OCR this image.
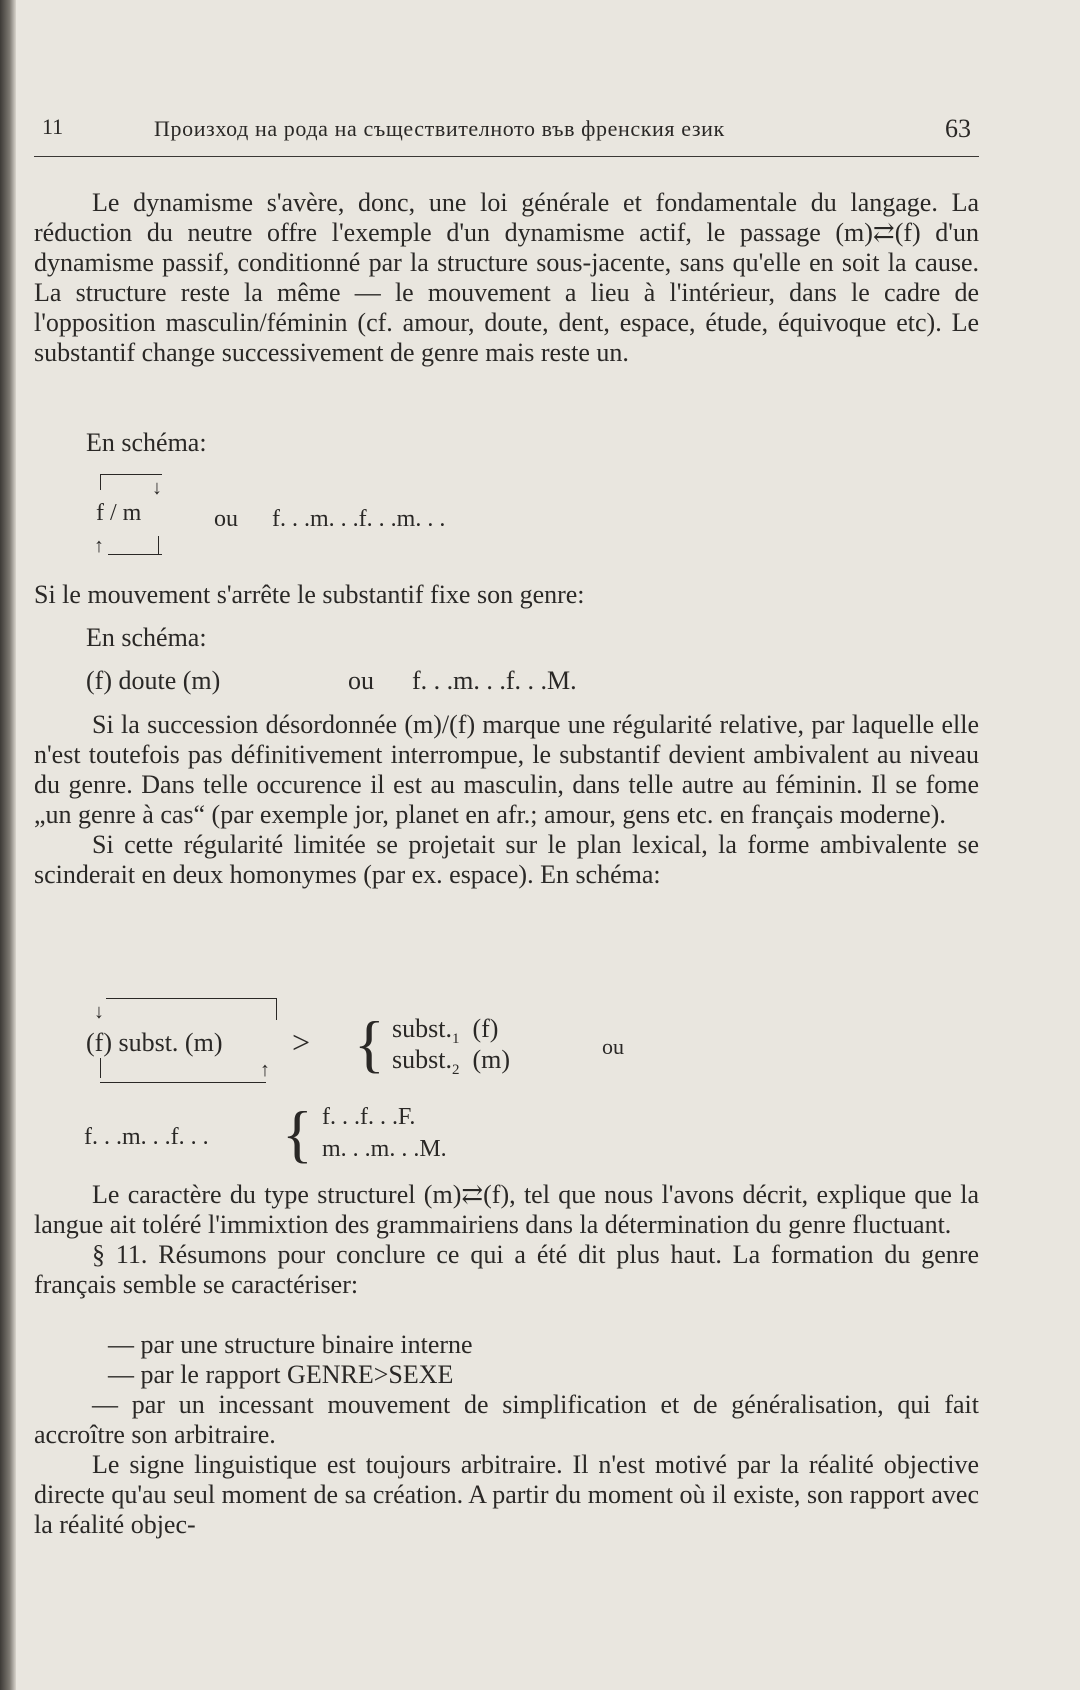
11	Произход на рода на съществителното във френския език	63

Le dynamisme s'avère, donc, une loi générale et fondamentale du langage. La réduction du neutre offre l'exemple d'un dynamisme actif, le passage (m)⇄(f) d'un dynamisme passif, conditionné par la structure sous-jacente, sans qu'elle en soit la cause. La structure reste la même — le mouvement a lieu à l'intérieur, dans le cadre de l'opposition masculin/féminin (cf. amour, doute, dent, espace, étude, équivoque etc). Le substantif change successivement de genre mais reste un.

En schéma:
↓
f / m	ou f. . .m. . .f. . .m. . .
↑
Si le mouvement s'arrête le substantif fixe son genre:
En schéma:
(f) doute (m)	ou f. . .m. . .f. . .M.

Si la succession désordonnée (m)/(f) marque une régularité relative, par laquelle elle n'est toutefois pas définitivement interrompue, le substantif devient ambivalent au niveau du genre. Dans telle occurence il est au masculin, dans telle autre au féminin. Il se fome „un genre à cas“ (par exemple jor, planet en afr.; amour, gens etc. en français moderne).

Si cette régularité limitée se projetait sur le plan lexical, la forme ambivalente se scinderait en deux homonymes (par ex. espace). En schéma:

↓
(f) subst. (m) >
↑ { $subst._1$ (f)
$subst._2$ (m)	ou
f. . .m. . .f. . . { f. . .f. . .F.
m. . .m. . .M.

Le caractère du type structurel (m)⇄(f), tel que nous l'avons décrit, explique que la langue ait toléré l'immixtion des grammairiens dans la détermination du genre fluctuant.

§ 11. Résumons pour conclure ce qui a été dit plus haut. La formation du genre français semble se caractériser:

— par une structure binaire interne
— par le rapport GENRE>SEXE

— par un incessant mouvement de simplification et de généralisation, qui fait accroître son arbitraire.

Le signe linguistique est toujours arbitraire. Il n'est motivé par la réalité objective directe qu'au seul moment de sa création. A partir du moment où il existe, son rapport avec la réalité objec-
